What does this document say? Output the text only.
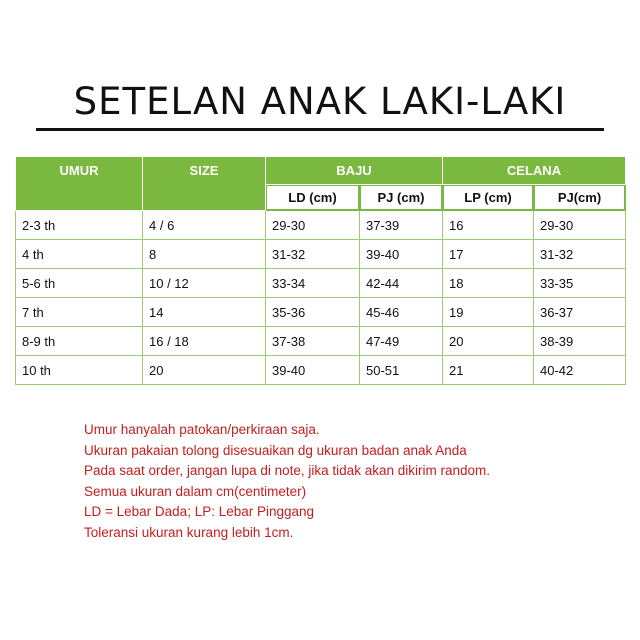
SETELAN ANAK LAKI-LAKI
UMUR	SIZE	BAJU		CELANA	
		LD (cm)	PJ (cm)	LP (cm)	PJ(cm)
2-3 th	4 / 6	29-30	37-39	16	29-30
4 th	8	31-32	39-40	17	31-32
5-6 th	10 / 12	33-34	42-44	18	33-35
7 th	14	35-36	45-46	19	36-37
8-9 th	16 / 18	37-38	47-49	20	38-39
10 th	20	39-40	50-51	21	40-42
Umur hanyalah patokan/perkiraan saja.
Ukuran pakaian tolong disesuaikan dg ukuran badan anak Anda
Pada saat order, jangan lupa di note, jika tidak akan dikirim random.
Semua ukuran dalam cm(centimeter)
LD = Lebar Dada; LP: Lebar Pinggang
Toleransi ukuran kurang lebih 1cm.
